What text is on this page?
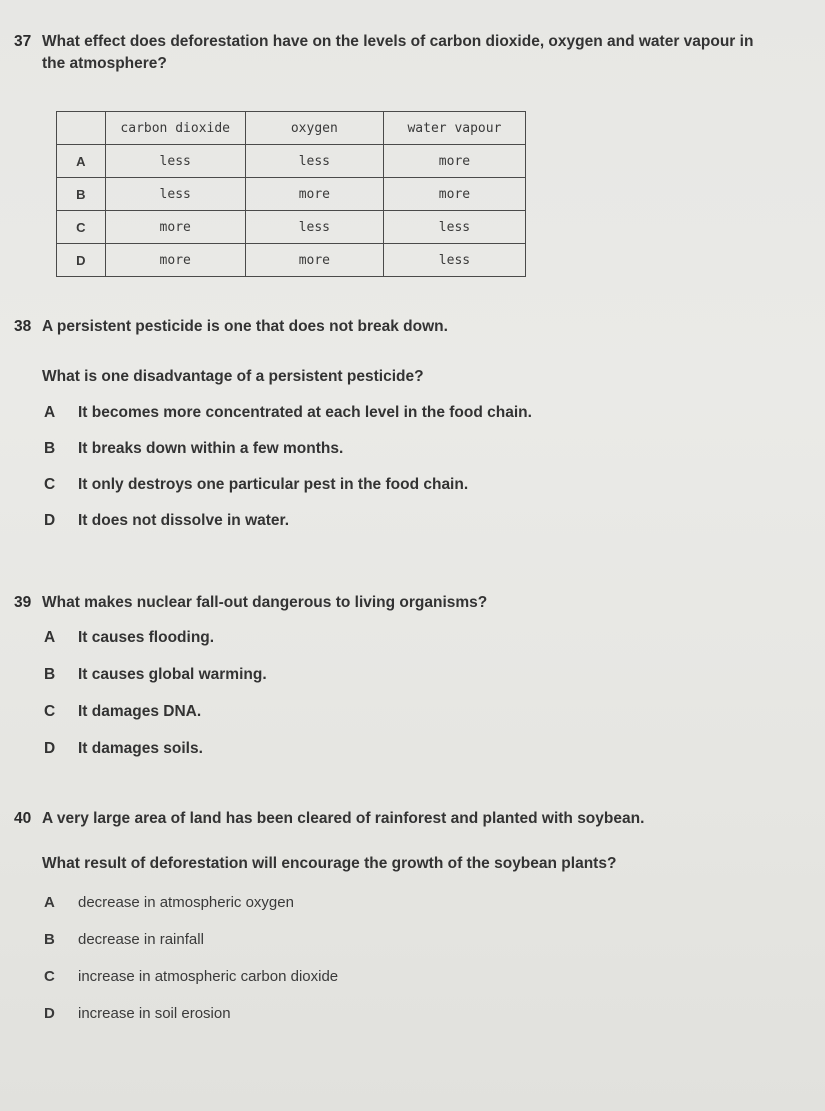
37 What effect does deforestation have on the levels of carbon dioxide, oxygen and water vapour in
the atmosphere?
	carbon dioxide	oxygen	water vapour
A	less	less	more
B	less	more	more
C	more	less	less
D	more	more	less
38 A persistent pesticide is one that does not break down.
What is one disadvantage of a persistent pesticide?
A	It becomes more concentrated at each level in the food chain.
B	It breaks down within a few months.
C	It only destroys one particular pest in the food chain.
D	It does not dissolve in water.
39 What makes nuclear fall-out dangerous to living organisms?
A	It causes flooding.
B	It causes global warming.
C	It damages DNA.
D	It damages soils.
40 A very large area of land has been cleared of rainforest and planted with soybean.
What result of deforestation will encourage the growth of the soybean plants?
A	decrease in atmospheric oxygen
B	decrease in rainfall
C	increase in atmospheric carbon dioxide
D	increase in soil erosion
